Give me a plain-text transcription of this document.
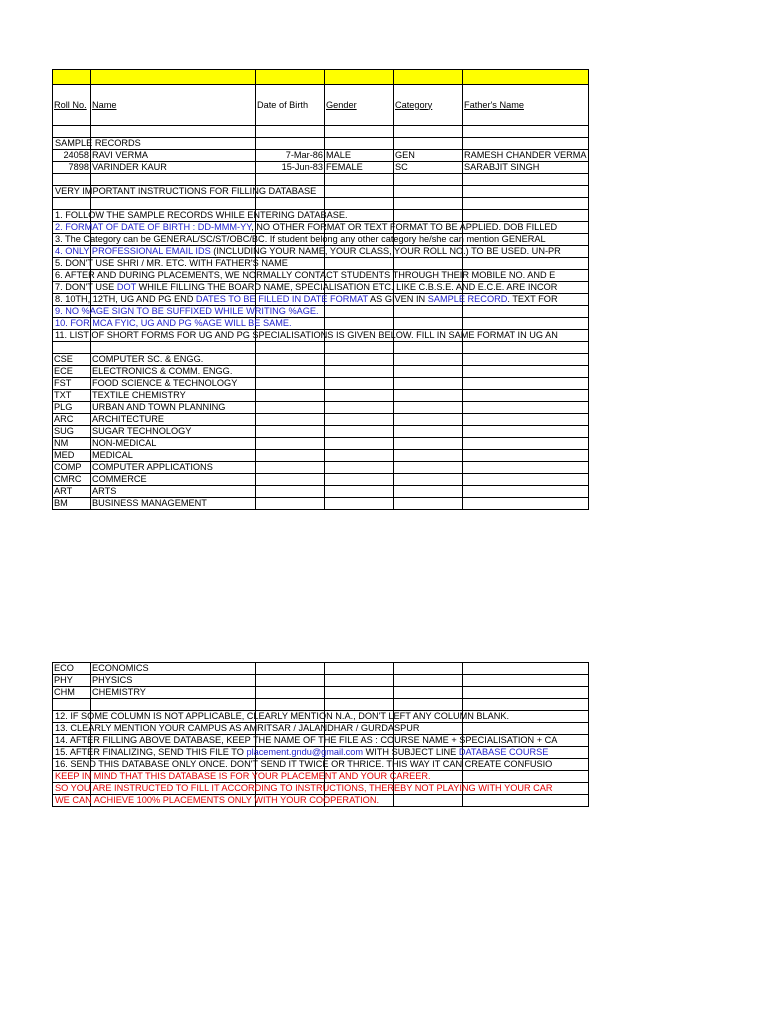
Roll No.	Name	Date of Birth	Gender	Category	Father's Name

SAMPLE RECORDS					

24058	RAVI VERMA	7-Mar-86	MALE	GEN	RAMESH CHANDER VERMA
7898	VARINDER KAUR	15-Jun-83	FEMALE	SC	SARABJIT SINGH

VERY IMPORTANT INSTRUCTIONS FOR FILLING DATABASE					

1. FOLLOW THE SAMPLE RECORDS WHILE ENTERING DATABASE.					

2. FORMAT OF DATE OF BIRTH : DD-MMM-YY, NO OTHER FORMAT OR TEXT FORMAT TO BE APPLIED. DOB FILLED					

3. The Category can be GENERAL/SC/ST/OBC/BC. If student belong any other category he/she can mention GENERAL					

4. ONLY PROFESSIONAL EMAIL IDS (INCLUDING YOUR NAME, YOUR CLASS, YOUR ROLL NO.) TO BE USED. UN-PR					

5. DON'T USE SHRI / MR. ETC. WITH FATHER'S NAME					

6. AFTER AND DURING PLACEMENTS, WE NORMALLY CONTACT STUDENTS THROUGH THEIR MOBILE NO. AND E					

7. DON'T USE DOT WHILE FILLING THE BOARD NAME, SPECIALISATION ETC. LIKE C.B.S.E. AND E.C.E. ARE INCOR					

8. 10TH, 12TH, UG AND PG END DATES TO BE FILLED IN DATE FORMAT AS GIVEN IN SAMPLE RECORD. TEXT FOR					

9. NO %AGE SIGN TO BE SUFFIXED WHILE WRITING %AGE.					

10. FOR MCA FYIC, UG AND PG %AGE WILL BE SAME.					

11. LIST OF SHORT FORMS FOR UG AND PG SPECIALISATIONS IS GIVEN BELOW. FILL IN SAME FORMAT IN UG AN					

CSE	COMPUTER SC. & ENGG.				
ECE	ELECTRONICS & COMM. ENGG.				
FST	FOOD SCIENCE & TECHNOLOGY				
TXT	TEXTILE CHEMISTRY				
PLG	URBAN AND TOWN PLANNING				
ARC	ARCHITECTURE				
SUG	SUGAR TECHNOLOGY				
NM	NON-MEDICAL				
MED	MEDICAL				
COMP	COMPUTER APPLICATIONS				
CMRC	COMMERCE				
ART	ARTS				
BM	BUSINESS MANAGEMENT				
ECO	ECONOMICS				
PHY	PHYSICS				
CHM	CHEMISTRY				

12. IF SOME COLUMN IS NOT APPLICABLE, CLEARLY MENTION N.A., DON'T LEFT ANY COLUMN BLANK.					

13. CLEARLY MENTION YOUR CAMPUS AS AMRITSAR / JALANDHAR / GURDASPUR					

14. AFTER FILLING ABOVE DATABASE, KEEP THE NAME OF THE FILE AS : COURSE NAME + SPECIALISATION + CA					

15. AFTER FINALIZING, SEND THIS FILE TO placement.gndu@gmail.com WITH SUBJECT LINE DATABASE COURSE					

16. SEND THIS DATABASE ONLY ONCE. DON'T SEND IT TWICE OR THRICE. THIS WAY IT CAN CREATE CONFUSIO					

KEEP IN MIND THAT THIS DATABASE IS FOR YOUR PLACEMENT AND YOUR CAREER.					

SO YOU ARE INSTRUCTED TO FILL IT ACCORDING TO INSTRUCTIONS, THEREBY NOT PLAYING WITH YOUR CAR					

WE CAN ACHIEVE 100% PLACEMENTS ONLY WITH YOUR COOPERATION.					
